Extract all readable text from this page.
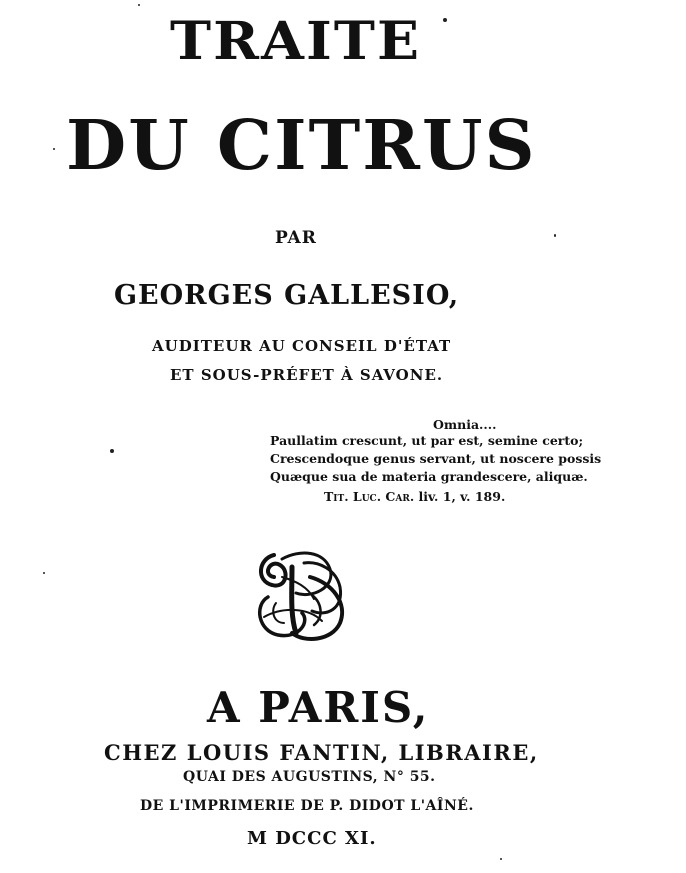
TRAITE
DU CITRUS
PAR
GEORGES GALLESIO,
AUDITEUR AU CONSEIL D'ÉTAT
ET SOUS-PRÉFET À SAVONE.
Omnia....
Paullatim crescunt, ut par est, semine certo;
Crescendoque genus servant, ut noscere possis
Quæque sua de materia grandescere, aliquæ.
Tit. Luc. Car. liv. 1, v. 189.
A PARIS,
CHEZ LOUIS FANTIN, LIBRAIRE,
QUAI DES AUGUSTINS, N° 55.
DE L'IMPRIMERIE DE P. DIDOT L'AÎNÉ.
M DCCC XI.
